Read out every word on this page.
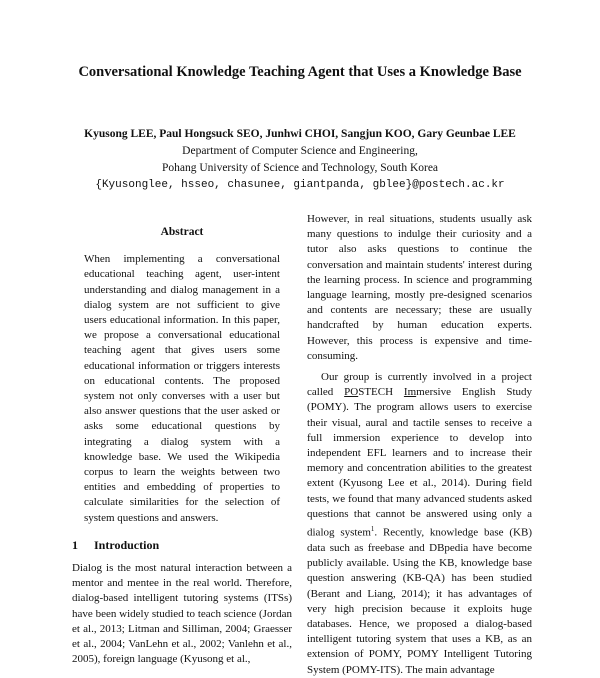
Conversational Knowledge Teaching Agent that Uses a Knowledge Base
Kyusong LEE, Paul Hongsuck SEO, Junhwi CHOI, Sangjun KOO, Gary Geunbae LEE
Department of Computer Science and Engineering,
Pohang University of Science and Technology, South Korea
{Kyusonglee, hsseo, chasunee, giantpanda, gblee}@postech.ac.kr
Abstract
When implementing a conversational educational teaching agent, user-intent understanding and dialog management in a dialog system are not sufficient to give users educational information. In this paper, we propose a conversational educational teaching agent that gives users some educational information or triggers interests on educational contents. The proposed system not only converses with a user but also answer questions that the user asked or asks some educational questions by integrating a dialog system with a knowledge base. We used the Wikipedia corpus to learn the weights between two entities and embedding of properties to calculate similarities for the selection of system questions and answers.
1 Introduction

Dialog is the most natural interaction between a mentor and mentee in the real world. Therefore, dialog-based intelligent tutoring systems (ITSs) have been widely studied to teach science (Jordan et al., 2013; Litman and Silliman, 2004; Graesser et al., 2004; VanLehn et al., 2002; Vanlehn et al., 2005), foreign language (Kyusong et al.,

However, in real situations, students usually ask many questions to indulge their curiosity and a tutor also asks questions to continue the conversation and maintain students' interest during the learning process. In science and programming language learning, mostly pre-designed scenarios and contents are necessary; these are usually handcrafted by human education experts. However, this process is expensive and time-consuming.

Our group is currently involved in a project called POSTECH Immersive English Study (POMY). The program allows users to exercise their visual, aural and tactile senses to receive a full immersion experience to develop into independent EFL learners and to increase their memory and concentration abilities to the greatest extent (Kyusong Lee et al., 2014). During field tests, we found that many advanced students asked questions that cannot be answered using only a dialog system$^1$. Recently, knowledge base (KB) data such as freebase and DBpedia have become publicly available. Using the KB, knowledge base question answering (KB-QA) has been studied (Berant and Liang, 2014); it has advantages of very high precision because it exploits huge databases. Hence, we proposed a dialog-based intelligent tutoring system that uses a KB, as an extension of POMY, POMY Intelligent Tutoring System (POMY-ITS). The main advantage
